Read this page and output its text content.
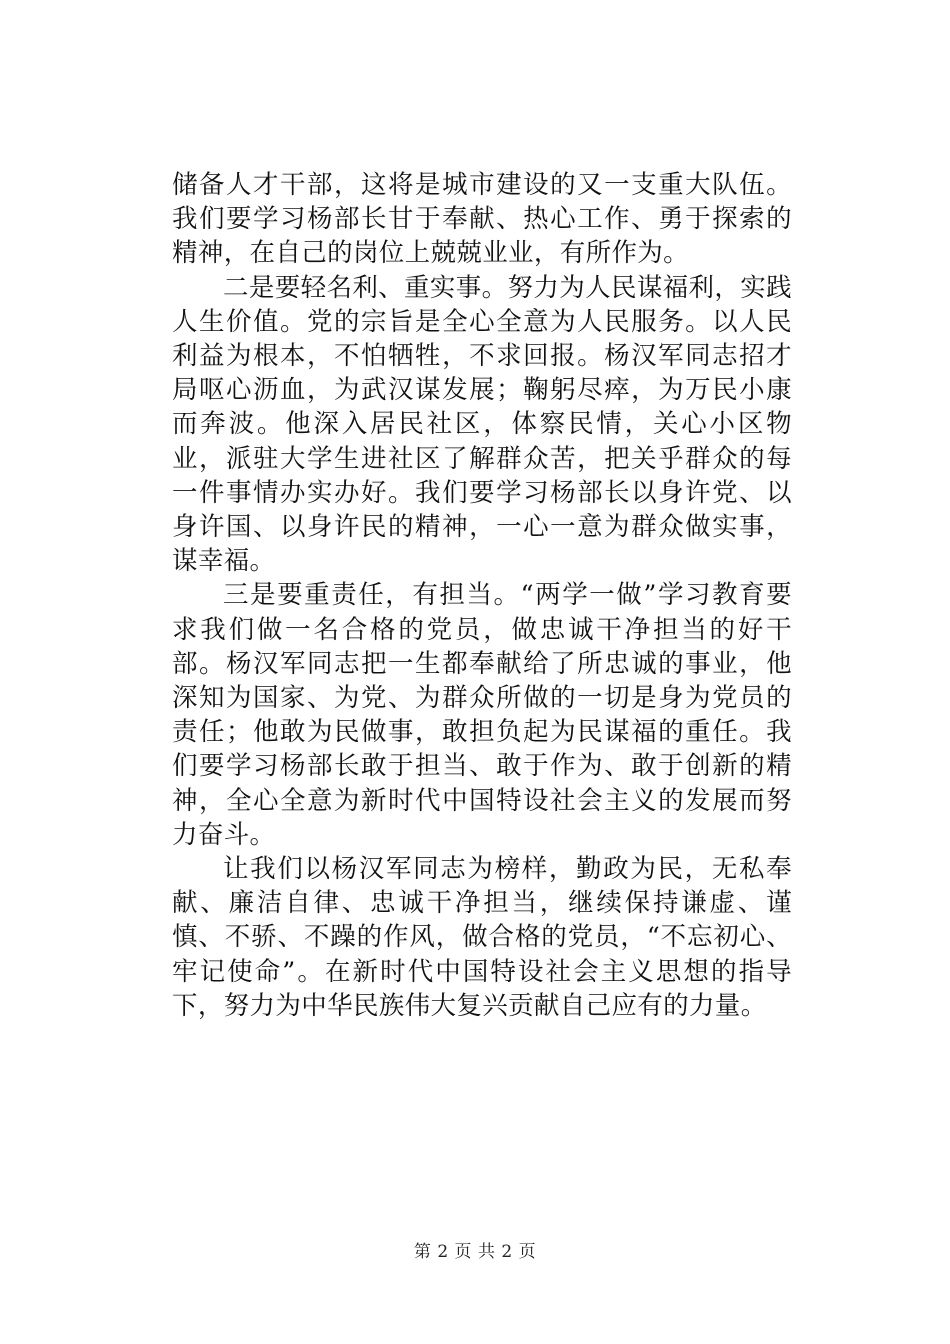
储备人才干部，这将是城市建设的又一支重大队伍。我们要学习杨部长甘于奉献、热心工作、勇于探索的精神，在自己的岗位上兢兢业业，有所作为。

二是要轻名利、重实事。努力为人民谋福利，实践人生价值。党的宗旨是全心全意为人民服务。以人民利益为根本，不怕牺牲，不求回报。杨汉军同志招才局呕心沥血，为武汉谋发展；鞠躬尽瘁，为万民小康而奔波。他深入居民社区，体察民情，关心小区物业，派驻大学生进社区了解群众苦，把关乎群众的每一件事情办实办好。我们要学习杨部长以身许党、以身许国、以身许民的精神，一心一意为群众做实事，谋幸福。

三是要重责任，有担当。“两学一做”学习教育要求我们做一名合格的党员，做忠诚干净担当的好干部。杨汉军同志把一生都奉献给了所忠诚的事业，他深知为国家、为党、为群众所做的一切是身为党员的责任；他敢为民做事，敢担负起为民谋福的重任。我们要学习杨部长敢于担当、敢于作为、敢于创新的精神，全心全意为新时代中国特设社会主义的发展而努力奋斗。

让我们以杨汉军同志为榜样，勤政为民，无私奉献、廉洁自律、忠诚干净担当，继续保持谦虚、谨慎、不骄、不躁的作风，做合格的党员，“不忘初心、牢记使命”。在新时代中国特设社会主义思想的指导下，努力为中华民族伟大复兴贡献自己应有的力量。

第 2 页 共 2 页
